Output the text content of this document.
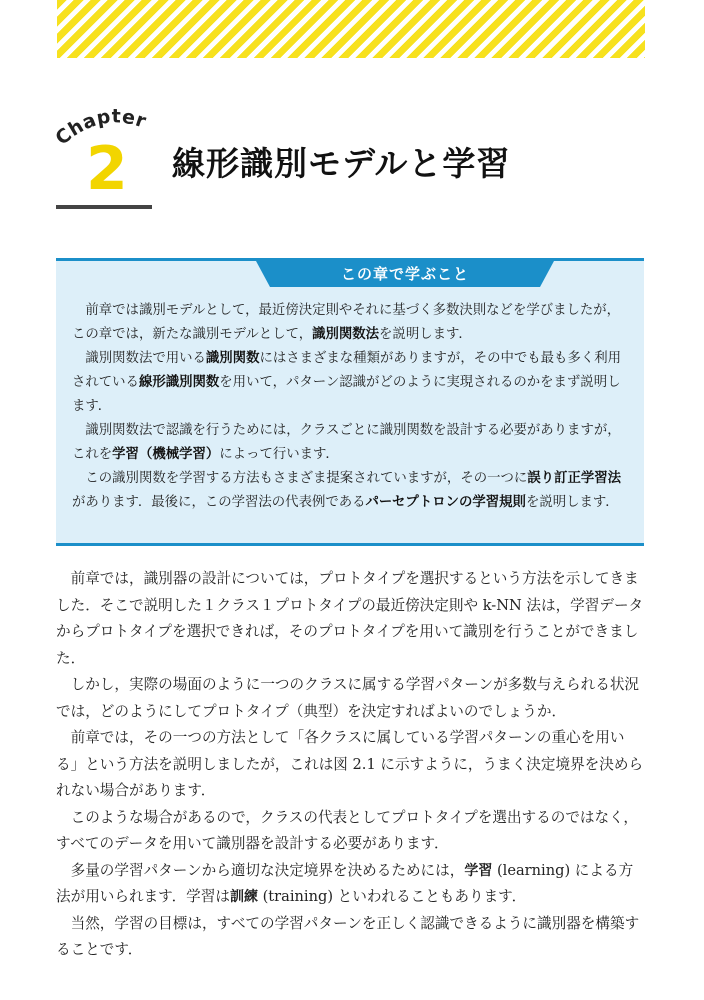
hapter
2 線形識別モデルと学習
この章で学ぶこと

前章では識別モデルとして，最近傍決定則やそれに基づく多数決則などを学びましたが，この章では，新たな識別モデルとして，識別関数法を説明します．

識別関数法で用いる識別関数にはさまざまな種類がありますが，その中でも最も多く利用されている線形識別関数を用いて，パターン認識がどのように実現されるのかをまず説明します．

識別関数法で認識を行うためには，クラスごとに識別関数を設計する必要がありますが，これを学習（機械学習）によって行います．

この識別関数を学習する方法もさまざま提案されていますが，その一つに誤り訂正学習法があります．最後に，この学習法の代表例であるパーセプトロンの学習規則を説明します．

前章では，識別器の設計については，プロトタイプを選択するという方法を示してきました．そこで説明した１クラス１プロトタイプの最近傍決定則や k-NN 法は，学習データからプロトタイプを選択できれば，そのプロトタイプを用いて識別を行うことができました．

しかし，実際の場面のように一つのクラスに属する学習パターンが多数与えられる状況では，どのようにしてプロトタイプ（典型）を決定すればよいのでしょうか．

前章では，その一つの方法として「各クラスに属している学習パターンの重心を用いる」という方法を説明しましたが，これは図 2.1 に示すように，うまく決定境界を決められない場合があります．

このような場合があるので，クラスの代表としてプロトタイプを選出するのではなく，すべてのデータを用いて識別器を設計する必要があります．

多量の学習パターンから適切な決定境界を決めるためには，学習 (learning) による方法が用いられます．学習は訓練 (training) といわれることもあります．

当然，学習の目標は，すべての学習パターンを正しく認識できるように識別器を構築することです．
